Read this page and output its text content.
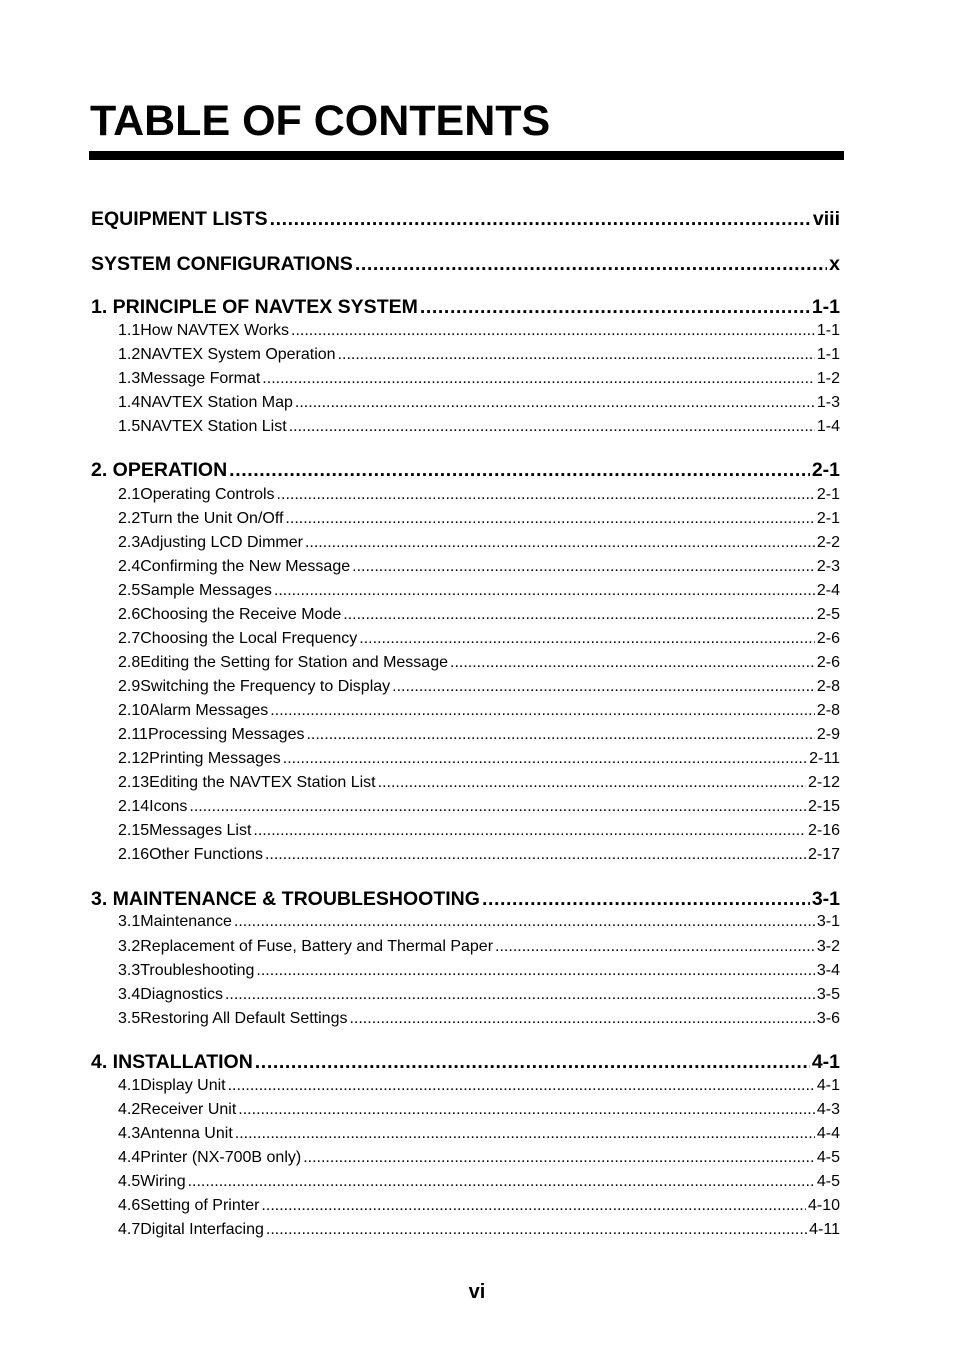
TABLE OF CONTENTS
EQUIPMENT LISTS .....	viii
SYSTEM CONFIGURATIONS .....	x
1. PRINCIPLE OF NAVTEX SYSTEM .....	1-1
1.1 How NAVTEX Works .....	1-1
1.2 NAVTEX System Operation .....	1-1
1.3 Message Format .....	1-2
1.4 NAVTEX Station Map .....	1-3
1.5 NAVTEX Station List .....	1-4
2. OPERATION .....	2-1
2.1 Operating Controls .....	2-1
2.2 Turn the Unit On/Off .....	2-1
2.3 Adjusting LCD Dimmer .....	2-2
2.4 Confirming the New Message .....	2-3
2.5 Sample Messages .....	2-4
2.6 Choosing the Receive Mode .....	2-5
2.7 Choosing the Local Frequency .....	2-6
2.8 Editing the Setting for Station and Message .....	2-6
2.9 Switching the Frequency to Display .....	2-8
2.10 Alarm Messages .....	2-8
2.11 Processing Messages .....	2-9
2.12 Printing Messages .....	2-11
2.13 Editing the NAVTEX Station List .....	2-12
2.14 Icons .....	2-15
2.15 Messages List .....	2-16
2.16 Other Functions .....	2-17
3. MAINTENANCE & TROUBLESHOOTING .....	3-1
3.1 Maintenance .....	3-1
3.2 Replacement of Fuse, Battery and Thermal Paper .....	3-2
3.3 Troubleshooting .....	3-4
3.4 Diagnostics .....	3-5
3.5 Restoring All Default Settings .....	3-6
4. INSTALLATION .....	4-1
4.1 Display Unit .....	4-1
4.2 Receiver Unit .....	4-3
4.3 Antenna Unit .....	4-4
4.4 Printer (NX-700B only) .....	4-5
4.5 Wiring .....	4-5
4.6 Setting of Printer .....	4-10
4.7 Digital Interfacing .....	4-11
vi
